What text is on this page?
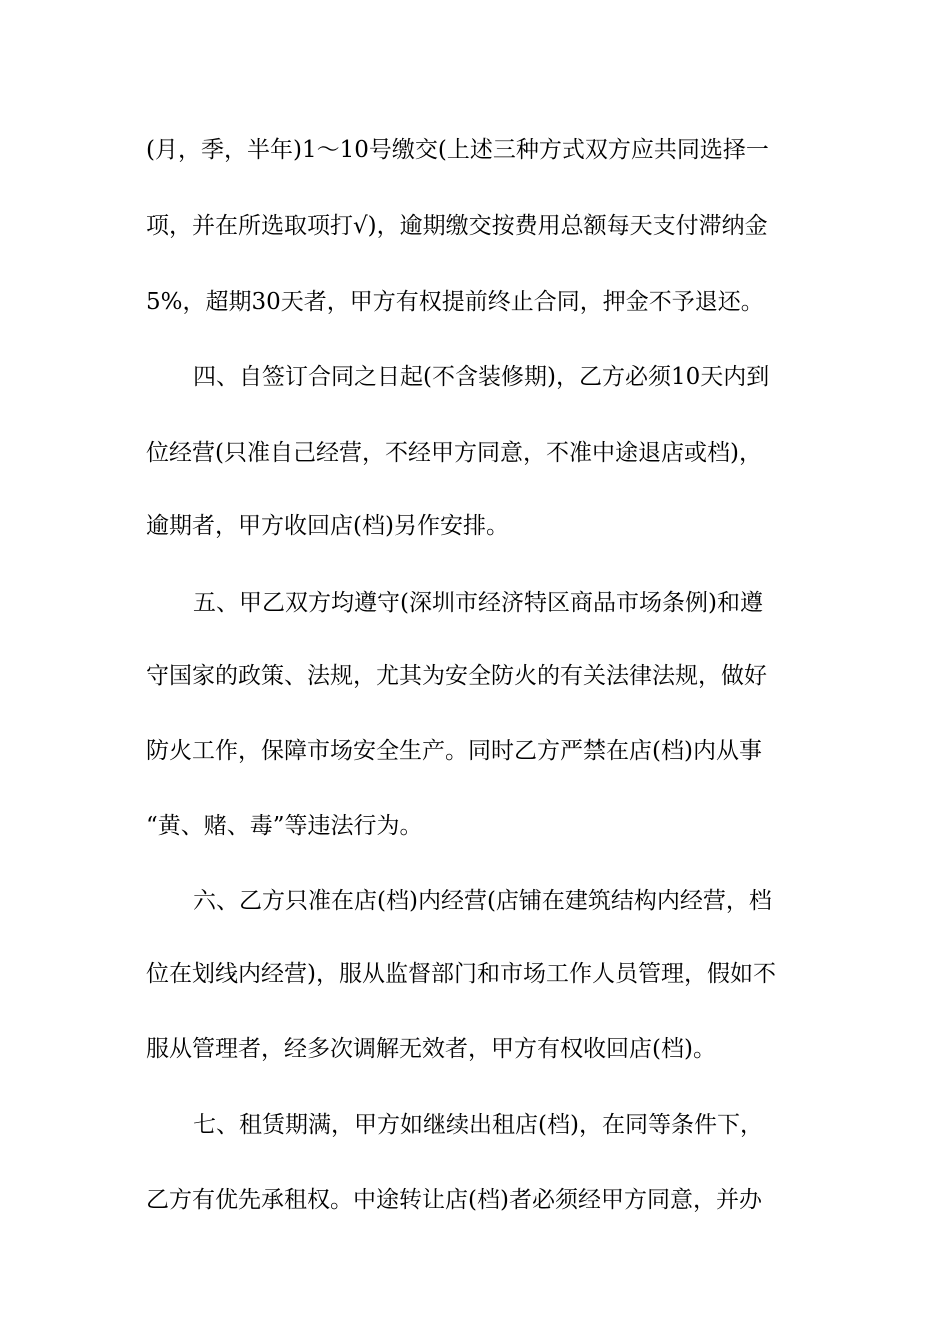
(月，季，半年)1～10号缴交(上述三种方式双方应共同选择一
项，并在所选取项打√)，逾期缴交按费用总额每天支付滞纳金
5%，超期30天者，甲方有权提前终止合同，押金不予退还。
四、自签订合同之日起(不含装修期)，乙方必须10天内到
位经营(只准自己经营，不经甲方同意，不准中途退店或档)，
逾期者，甲方收回店(档)另作安排。
五、甲乙双方均遵守(深圳市经济特区商品市场条例)和遵
守国家的政策、法规，尤其为安全防火的有关法律法规，做好
防火工作，保障市场安全生产。同时乙方严禁在店(档)内从事
“黄、赌、毒”等违法行为。
六、乙方只准在店(档)内经营(店铺在建筑结构内经营，档
位在划线内经营)，服从监督部门和市场工作人员管理，假如不
服从管理者，经多次调解无效者，甲方有权收回店(档)。
七、租赁期满，甲方如继续出租店(档)，在同等条件下，
乙方有优先承租权。中途转让店(档)者必须经甲方同意，并办
